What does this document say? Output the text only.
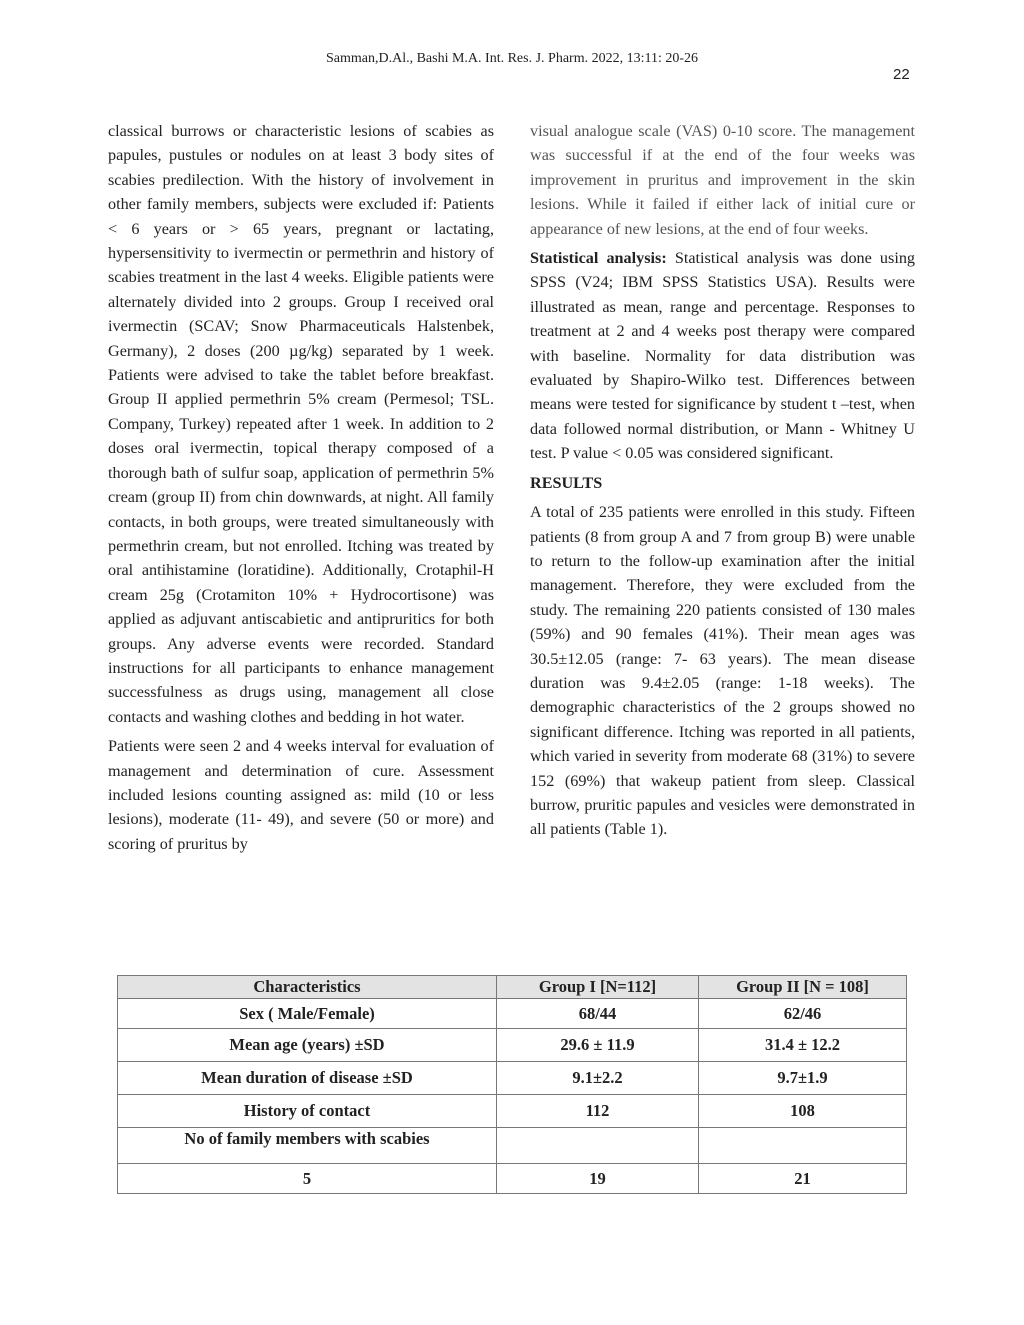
Samman,D.Al., Bashi M.A. Int. Res. J. Pharm. 2022, 13:11: 20-26
22

classical burrows or characteristic lesions of scabies as papules, pustules or nodules on at least 3 body sites of scabies predilection. With the history of involvement in other family members, subjects were excluded if: Patients < 6 years or > 65 years, pregnant or lactating, hypersensitivity to ivermectin or permethrin and history of scabies treatment in the last 4 weeks. Eligible patients were alternately divided into 2 groups. Group I received oral ivermectin (SCAV; Snow Pharmaceuticals Halstenbek, Germany), 2 doses (200 µg/kg) separated by 1 week. Patients were advised to take the tablet before breakfast. Group II applied permethrin 5% cream (Permesol; TSL. Company, Turkey) repeated after 1 week. In addition to 2 doses oral ivermectin, topical therapy composed of a thorough bath of sulfur soap, application of permethrin 5% cream (group II) from chin downwards, at night. All family contacts, in both groups, were treated simultaneously with permethrin cream, but not enrolled. Itching was treated by oral antihistamine (loratidine). Additionally, Crotaphil-H cream 25g (Crotamiton 10% + Hydrocortisone) was applied as adjuvant antiscabietic and antipruritics for both groups. Any adverse events were recorded. Standard instructions for all participants to enhance management successfulness as drugs using, management all close contacts and washing clothes and bedding in hot water.

Patients were seen 2 and 4 weeks interval for evaluation of management and determination of cure. Assessment included lesions counting assigned as: mild (10 or less lesions), moderate (11- 49), and severe (50 or more) and scoring of pruritus by

visual analogue scale (VAS) 0-10 score. The management was successful if at the end of the four weeks was improvement in pruritus and improvement in the skin lesions. While it failed if either lack of initial cure or appearance of new lesions, at the end of four weeks.

Statistical analysis: Statistical analysis was done using SPSS (V24; IBM SPSS Statistics USA). Results were illustrated as mean, range and percentage. Responses to treatment at 2 and 4 weeks post therapy were compared with baseline. Normality for data distribution was evaluated by Shapiro-Wilko test. Differences between means were tested for significance by student t –test, when data followed normal distribution, or Mann - Whitney U test. P value < 0.05 was considered significant.

RESULTS

A total of 235 patients were enrolled in this study. Fifteen patients (8 from group A and 7 from group B) were unable to return to the follow-up examination after the initial management. Therefore, they were excluded from the study. The remaining 220 patients consisted of 130 males (59%) and 90 females (41%). Their mean ages was 30.5±12.05 (range: 7- 63 years). The mean disease duration was 9.4±2.05 (range: 1-18 weeks). The demographic characteristics of the 2 groups showed no significant difference. Itching was reported in all patients, which varied in severity from moderate 68 (31%) to severe 152 (69%) that wakeup patient from sleep. Classical burrow, pruritic papules and vesicles were demonstrated in all patients (Table 1).

Characteristics	Group I [N=112]	Group II [N = 108]
Sex ( Male/Female)	68/44	62/46
Mean age (years) ±SD	29.6 ± 11.9	31.4 ± 12.2
Mean duration of disease ±SD	9.1±2.2	9.7±1.9
History of contact	112	108
No of family members with scabies		
5	19	21
